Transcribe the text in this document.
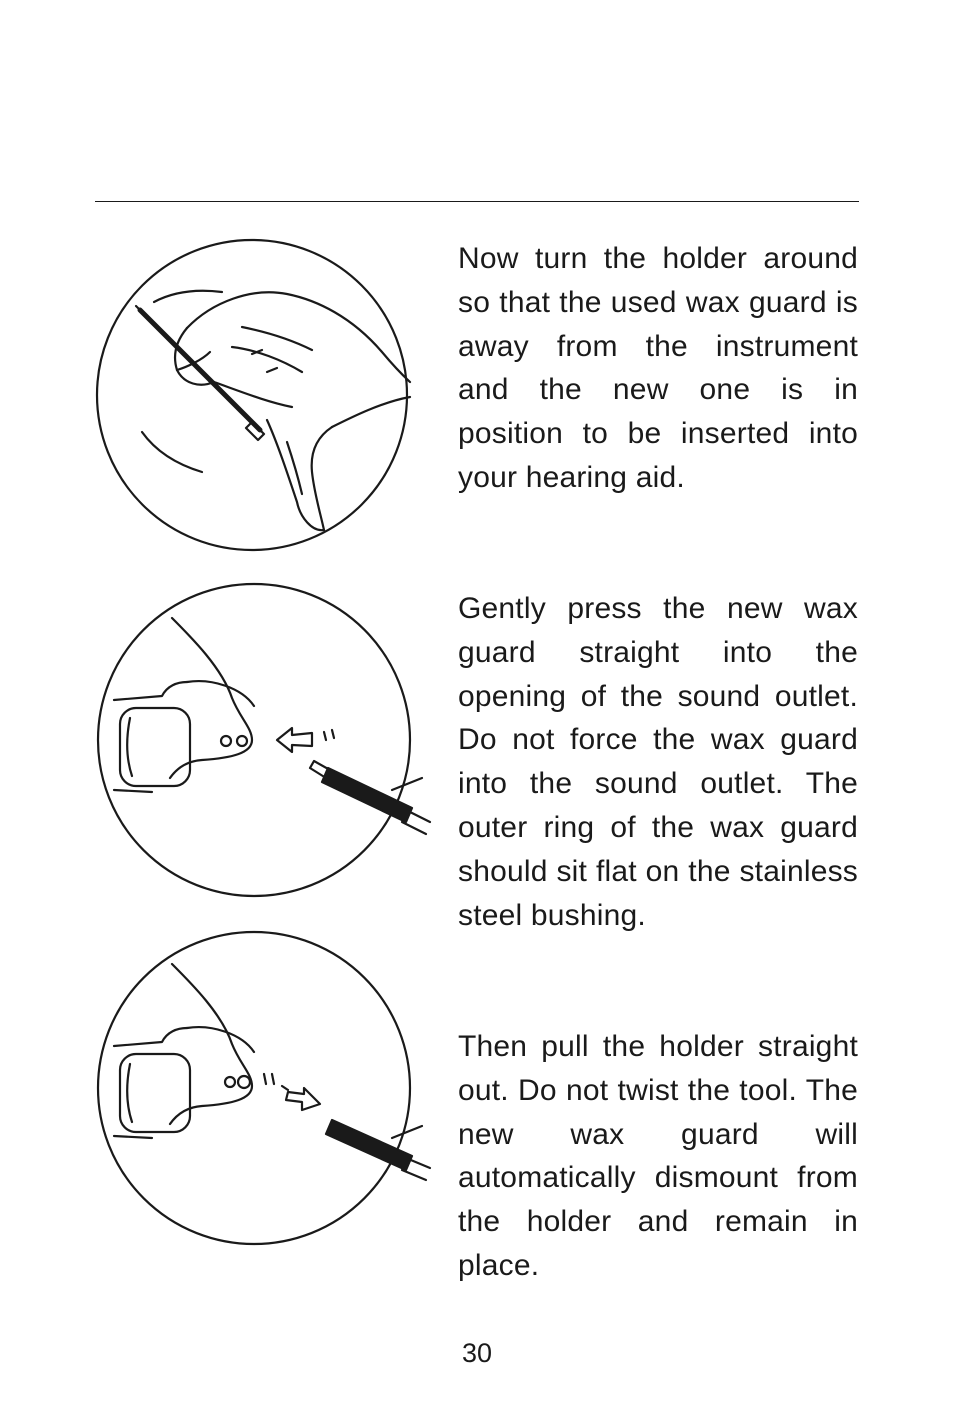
Now turn the holder around so that the used wax guard is away from the instrument and the new one is in position to be inserted into your hearing aid.

Gently press the new wax guard straight into the opening of the sound outlet. Do not force the wax guard into the sound outlet. The outer ring of the wax guard should sit flat on the stainless steel bushing.

Then pull the holder straight out. Do not twist the tool. The new wax guard will automatically dismount from the holder and remain in place.

30
